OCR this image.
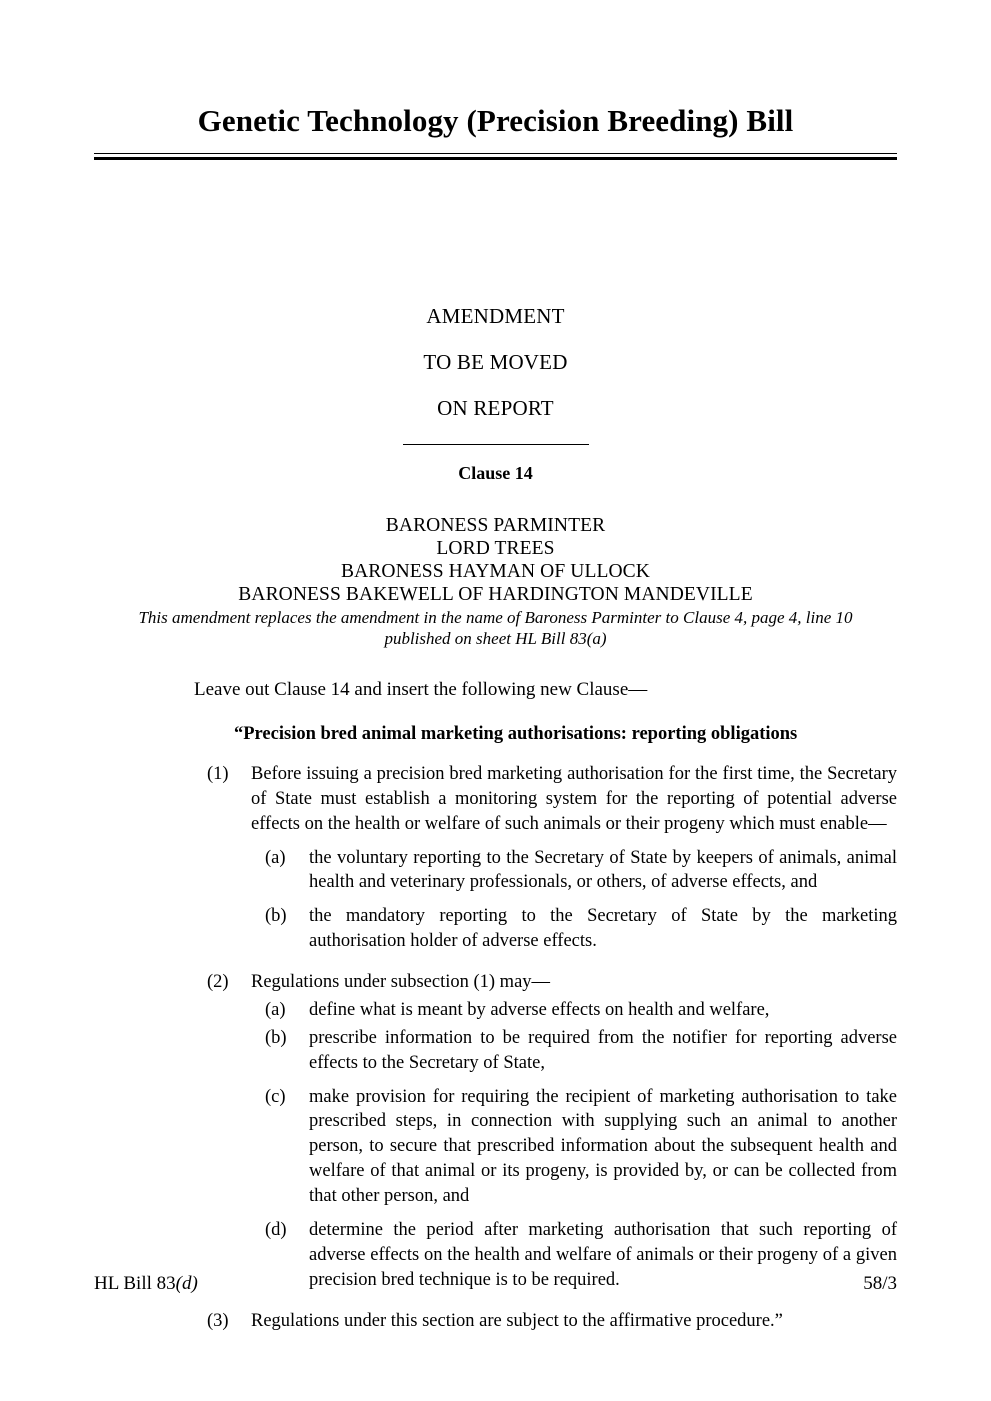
Genetic Technology (Precision Breeding) Bill
AMENDMENT
TO BE MOVED
ON REPORT
Clause 14
BARONESS PARMINTER
LORD TREES
BARONESS HAYMAN OF ULLOCK
BARONESS BAKEWELL OF HARDINGTON MANDEVILLE
This amendment replaces the amendment in the name of Baroness Parminter to Clause 4, page 4, line 10
published on sheet HL Bill 83(a)
Leave out Clause 14 and insert the following new Clause—
“Precision bred animal marketing authorisations: reporting obligations
(1)	Before issuing a precision bred marketing authorisation for the first time, the Secretary of State must establish a monitoring system for the reporting of potential adverse effects on the health or welfare of such animals or their progeny which must enable—
(a)	the voluntary reporting to the Secretary of State by keepers of animals, animal health and veterinary professionals, or others, of adverse effects, and
(b)	the mandatory reporting to the Secretary of State by the marketing authorisation holder of adverse effects.
(2)	Regulations under subsection (1) may—
(a)	define what is meant by adverse effects on health and welfare,
(b)	prescribe information to be required from the notifier for reporting adverse effects to the Secretary of State,
(c)	make provision for requiring the recipient of marketing authorisation to take prescribed steps, in connection with supplying such an animal to another person, to secure that prescribed information about the subsequent health and welfare of that animal or its progeny, is provided by, or can be collected from that other person, and
(d)	determine the period after marketing authorisation that such reporting of adverse effects on the health and welfare of animals or their progeny of a given precision bred technique is to be required.
(3)	Regulations under this section are subject to the affirmative procedure.”
HL Bill 83(d)	58/3
